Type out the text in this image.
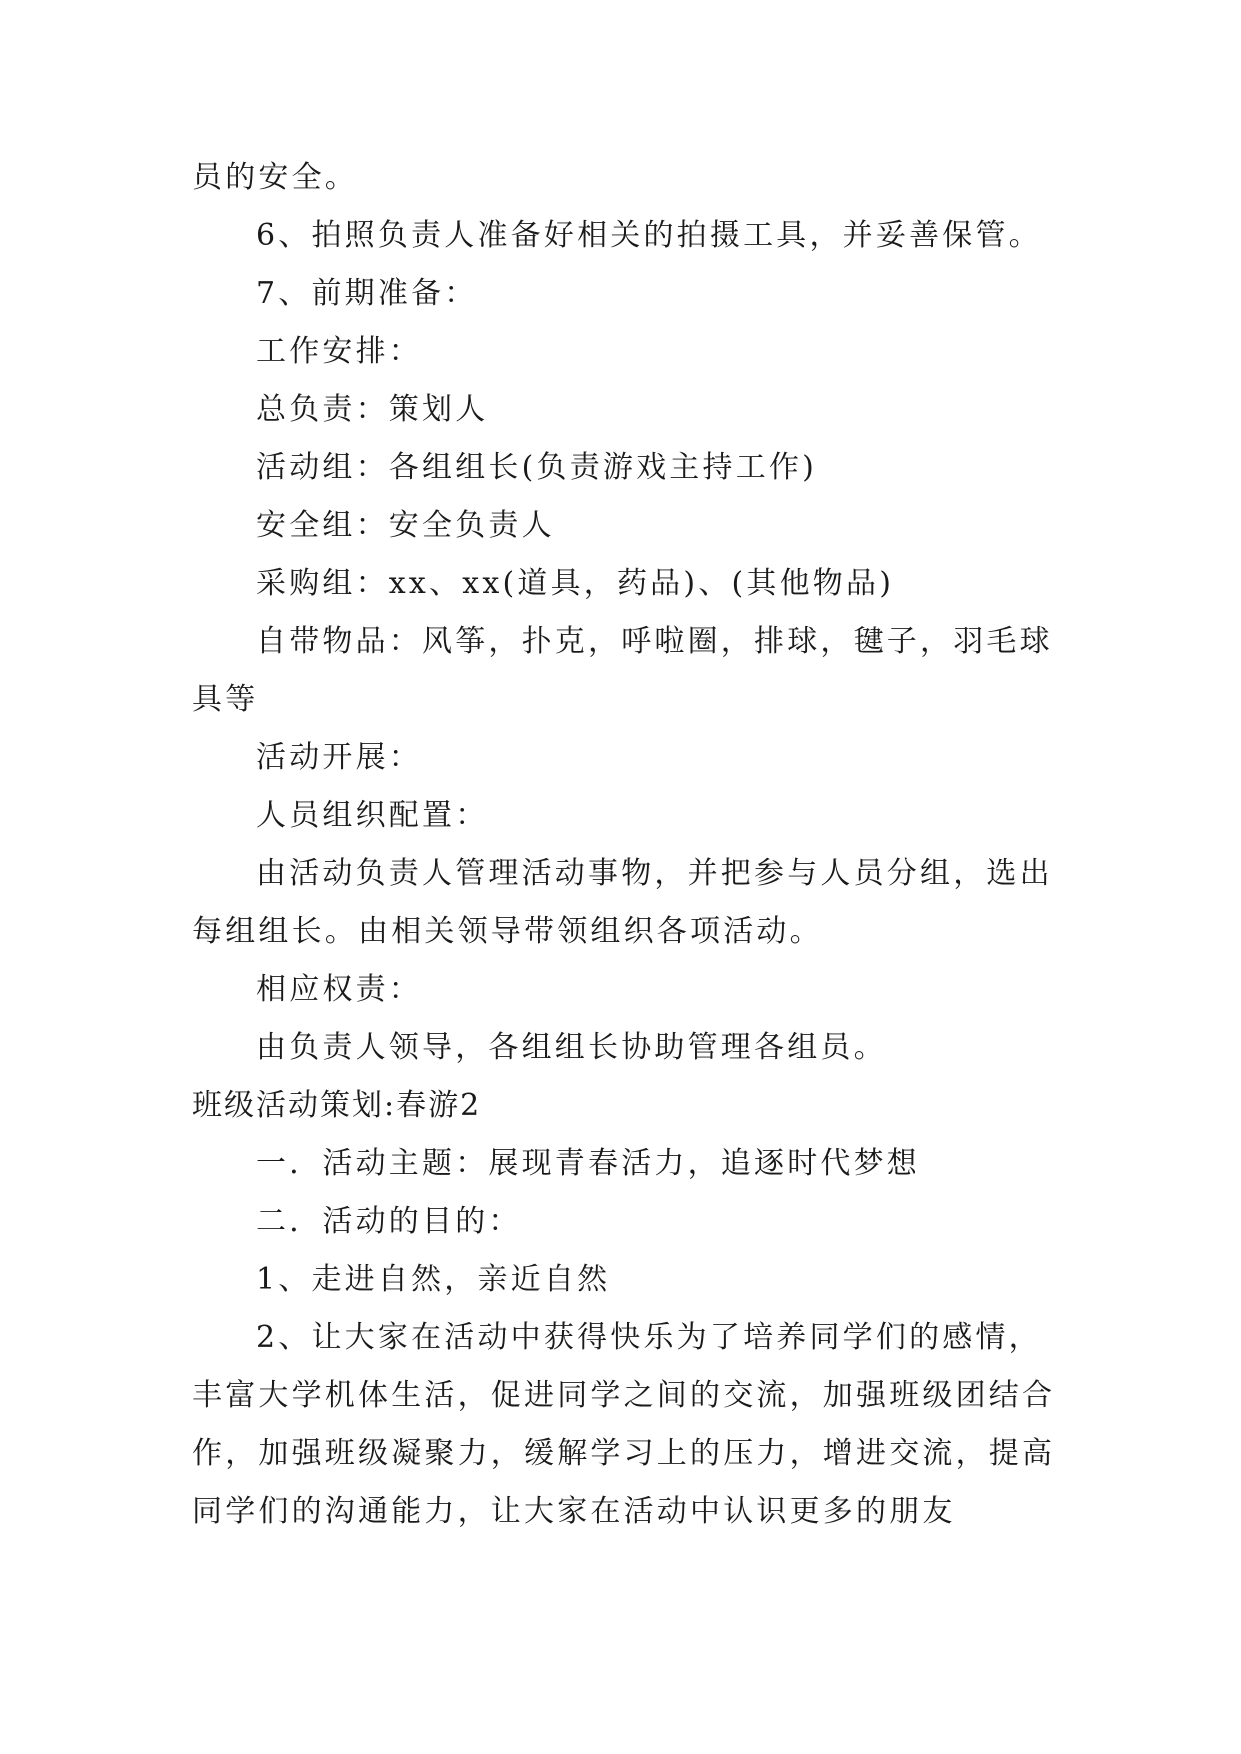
员的安全。
6、拍照负责人准备好相关的拍摄工具，并妥善保管。
7、前期准备：
工作安排：
总负责：策划人
活动组：各组组长(负责游戏主持工作)
安全组：安全负责人
采购组：xx、xx(道具，药品)、(其他物品)
自带物品：风筝，扑克，呼啦圈，排球，毽子，羽毛球
具等
活动开展：
人员组织配置：
由活动负责人管理活动事物，并把参与人员分组，选出
每组组长。由相关领导带领组织各项活动。
相应权责：
由负责人领导，各组组长协助管理各组员。
班级活动策划:春游2
一．活动主题：展现青春活力，追逐时代梦想
二．活动的目的：
1、走进自然，亲近自然
2、让大家在活动中获得快乐为了培养同学们的感情，
丰富大学机体生活，促进同学之间的交流，加强班级团结合
作，加强班级凝聚力，缓解学习上的压力，增进交流，提高
同学们的沟通能力，让大家在活动中认识更多的朋友
